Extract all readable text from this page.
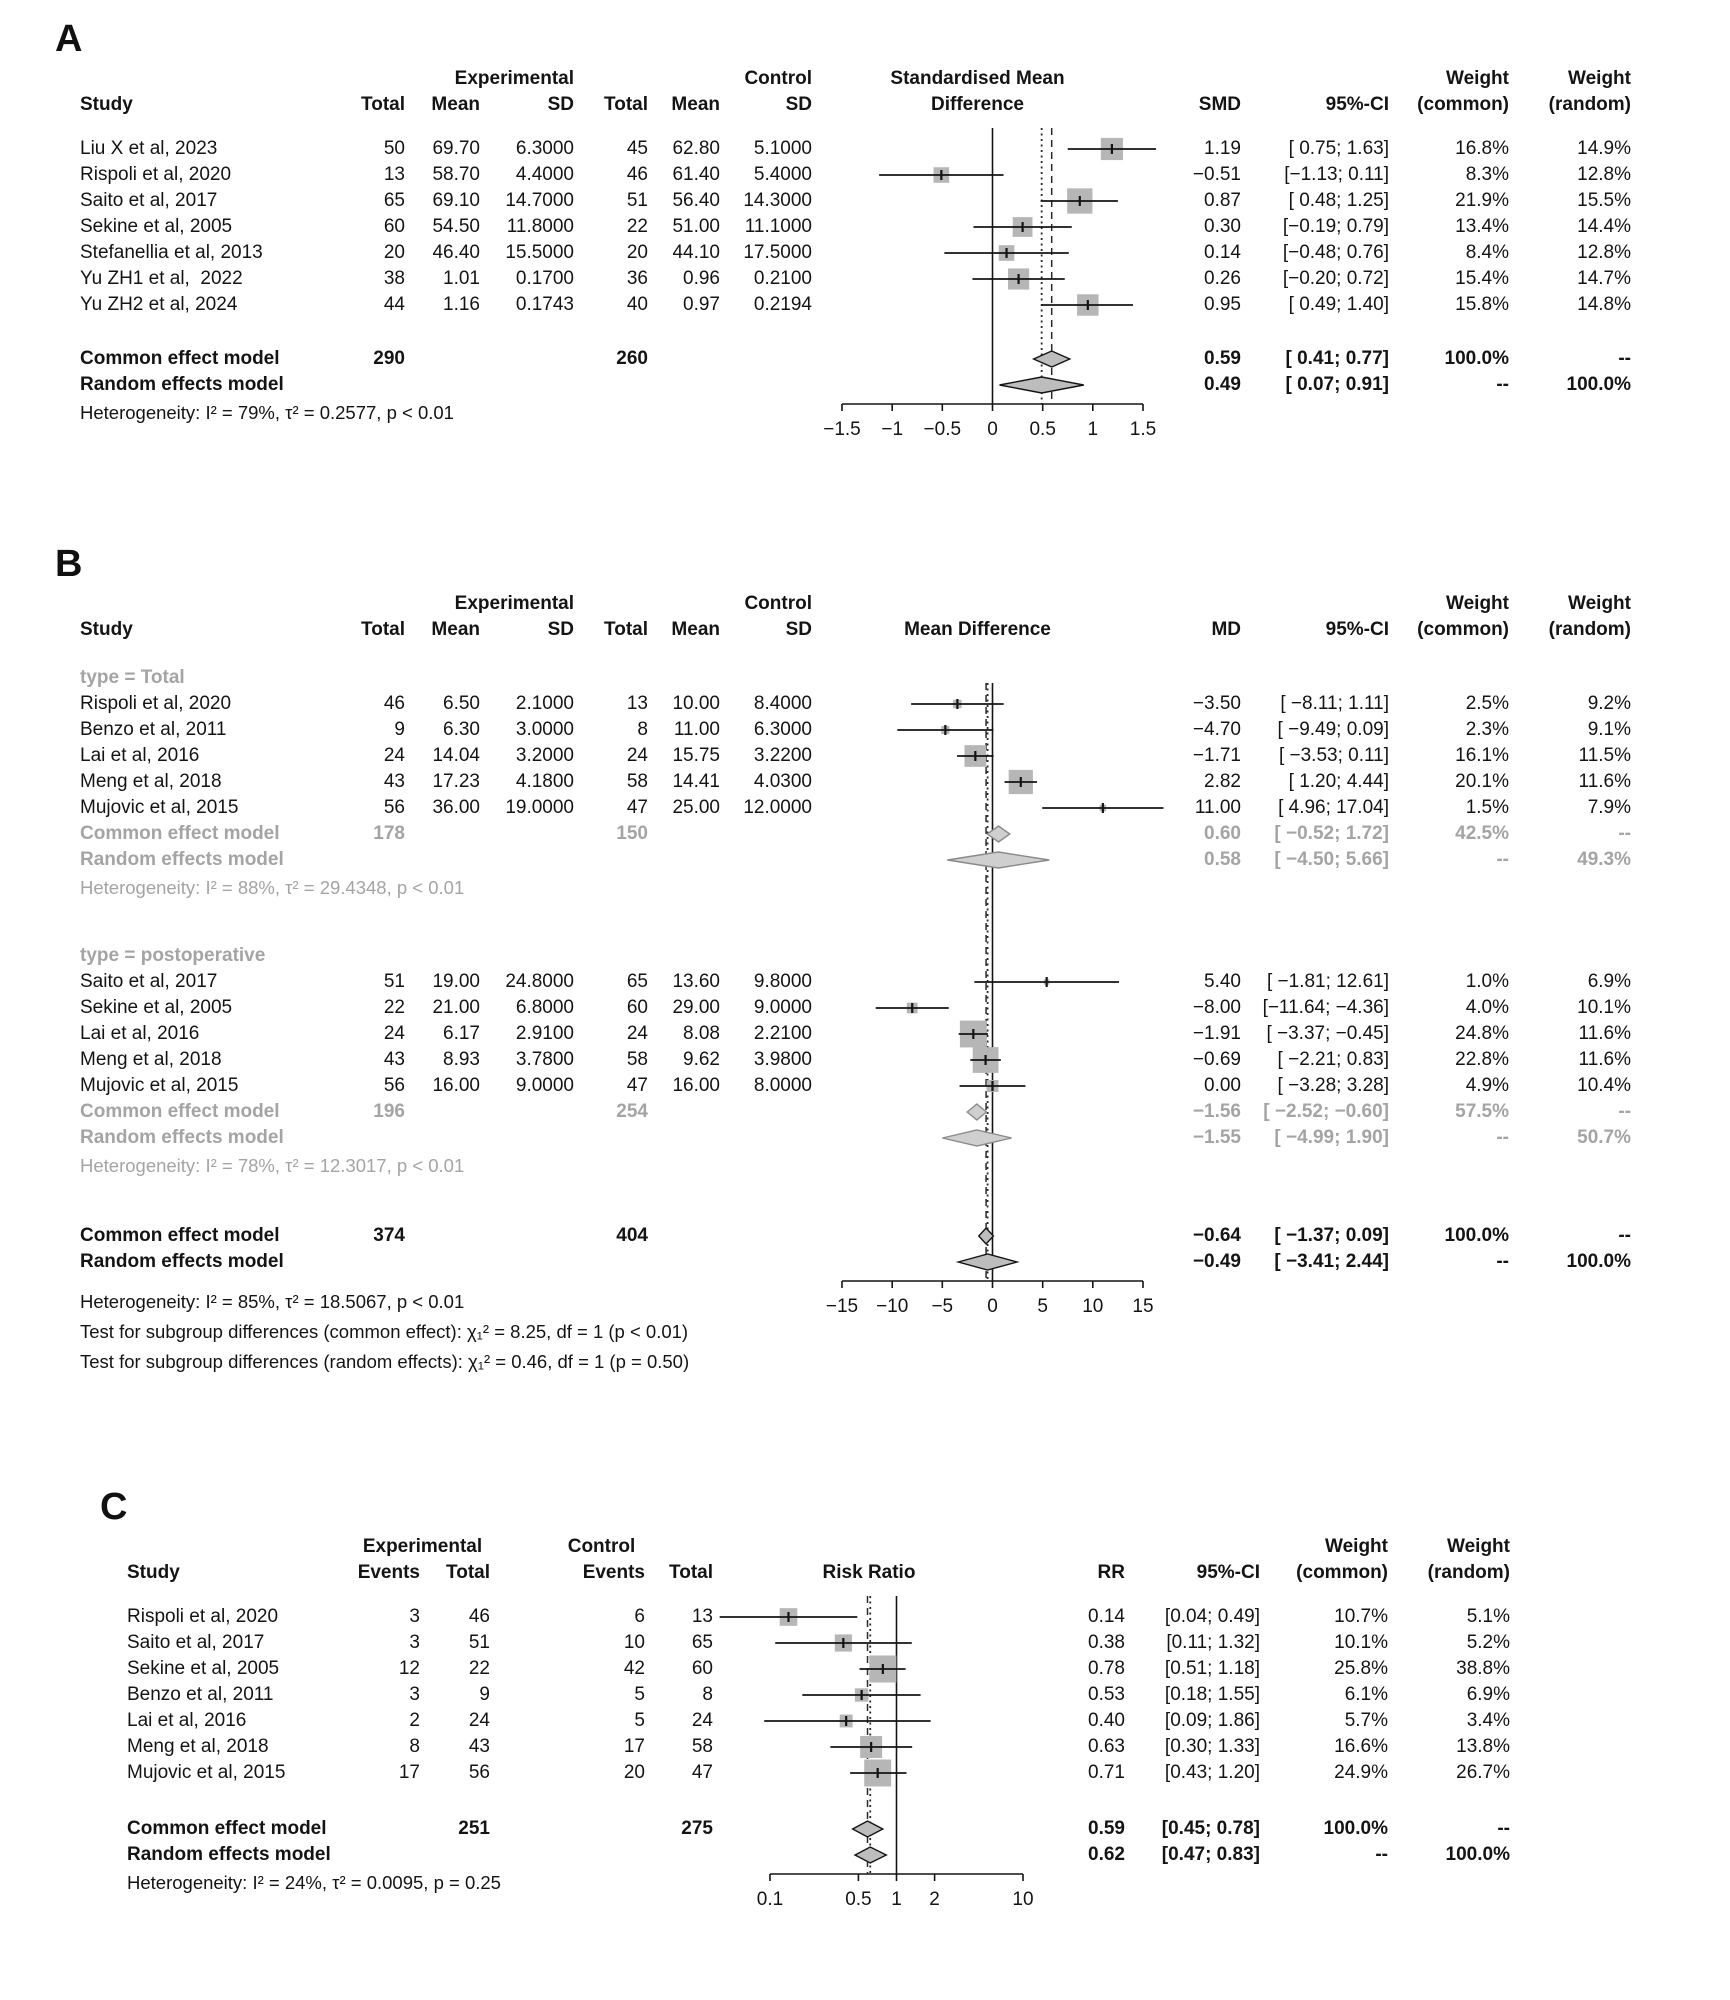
A
Experimental	Control	Standardised Mean	Weight	Weight
Study	Total	Mean	SD	Total	Mean	SD	Difference	SMD	95%-CI	(common)	(random)
Liu X et al, 2023	50	69.70	6.3000	45	62.80	5.1000	1.19	[ 0.75; 1.63]	16.8%	14.9%
Rispoli et al, 2020	13	58.70	4.4000	46	61.40	5.4000	−0.51	[−1.13; 0.11]	8.3%	12.8%
Saito et al, 2017	65	69.10	14.7000	51	56.40	14.3000	0.87	[ 0.48; 1.25]	21.9%	15.5%
Sekine et al, 2005	60	54.50	11.8000	22	51.00	11.1000	0.30	[−0.19; 0.79]	13.4%	14.4%
Stefanellia et al, 2013	20	46.40	15.5000	20	44.10	17.5000	0.14	[−0.48; 0.76]	8.4%	12.8%
Yu ZH1 et al,  2022	38	1.01	0.1700	36	0.96	0.2100	0.26	[−0.20; 0.72]	15.4%	14.7%
Yu ZH2 et al, 2024	44	1.16	0.1743	40	0.97	0.2194	0.95	[ 0.49; 1.40]	15.8%	14.8%
Common effect model	290	260	0.59	[ 0.41; 0.77]	100.0%	--
Random effects model	0.49	[ 0.07; 0.91]	--	100.0%
Heterogeneity: I² = 79%, τ² = 0.2577, p < 0.01
−1.5 −1 −0.5 0 0.5 1 1.5
B
Experimental	Control	Weight	Weight
Study	Total	Mean	SD	Total	Mean	SD	Mean Difference	MD	95%-CI	(common)	(random)
type = Total
Rispoli et al, 2020	46	6.50	2.1000	13	10.00	8.4000	−3.50	[ −8.11; 1.11]	2.5%	9.2%
Benzo et al, 2011	9	6.30	3.0000	8	11.00	6.3000	−4.70	[ −9.49; 0.09]	2.3%	9.1%
Lai et al, 2016	24	14.04	3.2000	24	15.75	3.2200	−1.71	[ −3.53; 0.11]	16.1%	11.5%
Meng et al, 2018	43	17.23	4.1800	58	14.41	4.0300	2.82	[ 1.20; 4.44]	20.1%	11.6%
Mujovic et al, 2015	56	36.00	19.0000	47	25.00	12.0000	11.00	[ 4.96; 17.04]	1.5%	7.9%
Common effect model	178	150	0.60	[ −0.52; 1.72]	42.5%	--
Random effects model	0.58	[ −4.50; 5.66]	--	49.3%
Heterogeneity: I² = 88%, τ² = 29.4348, p < 0.01
type = postoperative
Saito et al, 2017	51	19.00	24.8000	65	13.60	9.8000	5.40	[ −1.81; 12.61]	1.0%	6.9%
Sekine et al, 2005	22	21.00	6.8000	60	29.00	9.0000	−8.00	[−11.64; −4.36]	4.0%	10.1%
Lai et al, 2016	24	6.17	2.9100	24	8.08	2.2100	−1.91	[ −3.37; −0.45]	24.8%	11.6%
Meng et al, 2018	43	8.93	3.7800	58	9.62	3.9800	−0.69	[ −2.21; 0.83]	22.8%	11.6%
Mujovic et al, 2015	56	16.00	9.0000	47	16.00	8.0000	0.00	[ −3.28; 3.28]	4.9%	10.4%
Common effect model	196	254	−1.56	[ −2.52; −0.60]	57.5%	--
Random effects model	−1.55	[ −4.99; 1.90]	--	50.7%
Heterogeneity: I² = 78%, τ² = 12.3017, p < 0.01
Common effect model	374	404	−0.64	[ −1.37; 0.09]	100.0%	--
Random effects model	−0.49	[ −3.41; 2.44]	--	100.0%
Heterogeneity: I² = 85%, τ² = 18.5067, p < 0.01
Test for subgroup differences (common effect): χ₁² = 8.25, df = 1 (p < 0.01)
Test for subgroup differences (random effects): χ₁² = 0.46, df = 1 (p = 0.50)
−15 −10 −5 0 5 10 15
C
Experimental	Control	Weight	Weight
Study	Events	Total	Events	Total	Risk Ratio	RR	95%-CI	(common)	(random)
Rispoli et al, 2020	3	46	6	13	0.14	[0.04; 0.49]	10.7%	5.1%
Saito et al, 2017	3	51	10	65	0.38	[0.11; 1.32]	10.1%	5.2%
Sekine et al, 2005	12	22	42	60	0.78	[0.51; 1.18]	25.8%	38.8%
Benzo et al, 2011	3	9	5	8	0.53	[0.18; 1.55]	6.1%	6.9%
Lai et al, 2016	2	24	5	24	0.40	[0.09; 1.86]	5.7%	3.4%
Meng et al, 2018	8	43	17	58	0.63	[0.30; 1.33]	16.6%	13.8%
Mujovic et al, 2015	17	56	20	47	0.71	[0.43; 1.20]	24.9%	26.7%
Common effect model	251	275	0.59	[0.45; 0.78]	100.0%	--
Random effects model	0.62	[0.47; 0.83]	--	100.0%
Heterogeneity: I² = 24%, τ² = 0.0095, p = 0.25
0.1	0.5 1 2	10
